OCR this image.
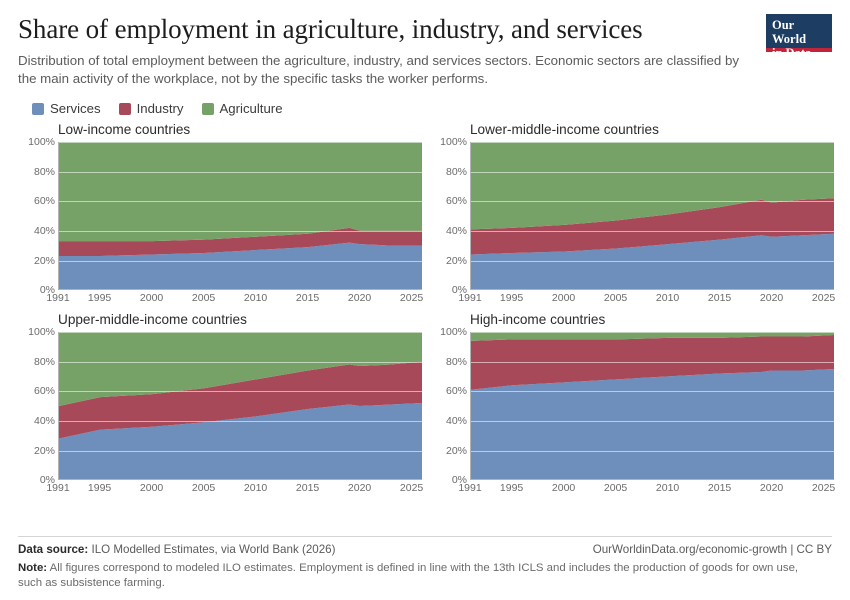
Share of employment in agriculture, industry, and services

Distribution of total employment between the agriculture, industry, and services sectors. Economic sectors are classified by the main activity of the workplace, not by the specific tasks the worker performs.

Our World
in Data
Services	Industry	Agriculture
Low-income countries
0%
20%
40%
60%
80%
100%
1991 1995	2000	2005	2010	2015	2020	2025
Lower-middle-income countries
0%
20%
40%
60%
80%
100%
1991 1995	2000	2005	2010	2015	2020	2025
Upper-middle-income countries
0%
20%
40%
60%
80%
100%
1991 1995	2000	2005	2010	2015	2020	2025
High-income countries
0%
20%
40%
60%
80%
100%
1991 1995	2000	2005	2010	2015	2020	2025
Data source: ILO Modelled Estimates, via World Bank (2026)	OurWorldinData.org/economic-growth | CC BY
Note: All figures correspond to modeled ILO estimates. Employment is defined in line with the 13th ICLS and includes the production of goods for own use, such as subsistence farming.
